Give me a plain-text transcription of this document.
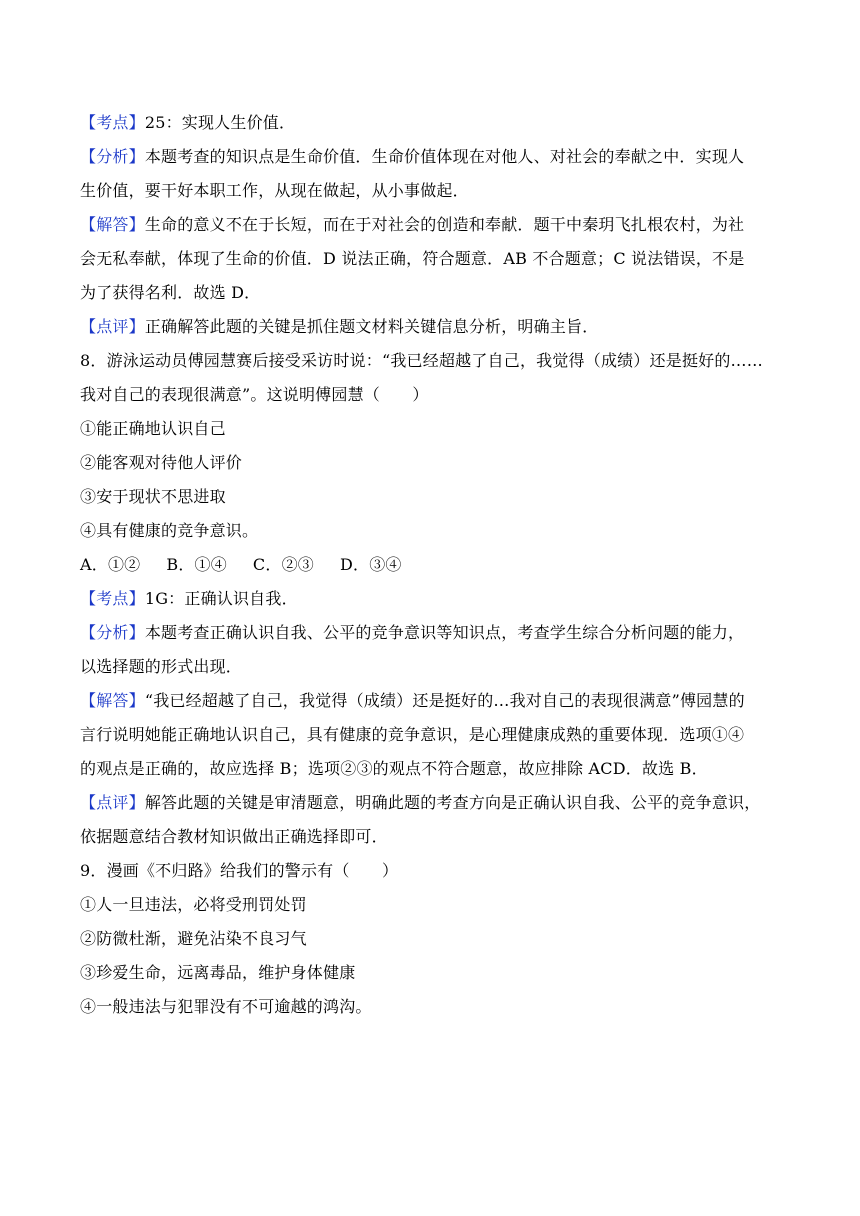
【考点】25：实现人生价值．
【分析】本题考查的知识点是生命价值．生命价值体现在对他人、对社会的奉献之中．实现人
生价值，要干好本职工作，从现在做起，从小事做起．
【解答】生命的意义不在于长短，而在于对社会的创造和奉献．题干中秦玥飞扎根农村，为社
会无私奉献，体现了生命的价值．D 说法正确，符合题意．AB 不合题意；C 说法错误，不是
为了获得名利．故选 D．
【点评】正确解答此题的关键是抓住题文材料关键信息分析，明确主旨．
8．游泳运动员傅园慧赛后接受采访时说：“我已经超越了自己，我觉得（成绩）还是挺好的……
我对自己的表现很满意”。这说明傅园慧（　　）
①能正确地认识自己
②能客观对待他人评价
③安于现状不思进取
④具有健康的竞争意识。
A．①② B．①④ C．②③ D．③④
【考点】1G：正确认识自我．
【分析】本题考查正确认识自我、公平的竞争意识等知识点，考查学生综合分析问题的能力，
以选择题的形式出现．
【解答】“我已经超越了自己，我觉得（成绩）还是挺好的…我对自己的表现很满意”傅园慧的
言行说明她能正确地认识自己，具有健康的竞争意识，是心理健康成熟的重要体现．选项①④
的观点是正确的，故应选择 B；选项②③的观点不符合题意，故应排除 ACD．故选 B．
【点评】解答此题的关键是审清题意，明确此题的考查方向是正确认识自我、公平的竞争意识，
依据题意结合教材知识做出正确选择即可．
9．漫画《不归路》给我们的警示有（　　）
①人一旦违法，必将受刑罚处罚
②防微杜渐，避免沾染不良习气
③珍爱生命，远离毒品，维护身体健康
④一般违法与犯罪没有不可逾越的鸿沟。
